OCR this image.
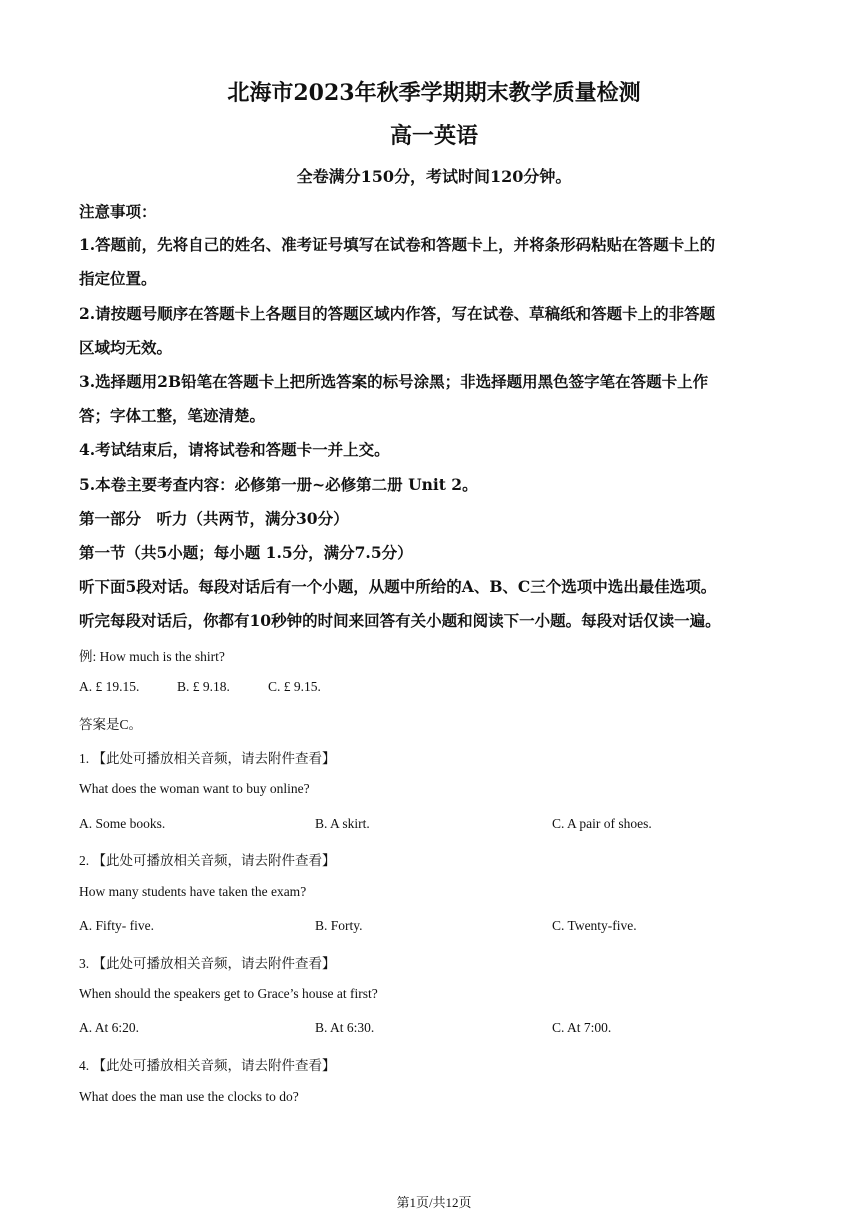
北海市2023年秋季学期期末教学质量检测
高一英语
全卷满分150分，考试时间120分钟。
注意事项：
1.答题前，先将自己的姓名、准考证号填写在试卷和答题卡上，并将条形码粘贴在答题卡上的
指定位置。
2.请按题号顺序在答题卡上各题目的答题区域内作答，写在试卷、草稿纸和答题卡上的非答题
区域均无效。
3.选择题用2B铅笔在答题卡上把所选答案的标号涂黑；非选择题用黑色签字笔在答题卡上作
答；字体工整，笔迹清楚。
4.考试结束后，请将试卷和答题卡一并上交。
5.本卷主要考查内容：必修第一册~必修第二册 Unit 2。
第一部分　听力（共两节，满分30分）
第一节（共5小题；每小题 1.5分，满分7.5分）
听下面5段对话。每段对话后有一个小题，从题中所给的A、B、C三个选项中选出最佳选项。
听完每段对话后，你都有10秒钟的时间来回答有关小题和阅读下一小题。每段对话仅读一遍。
例: How much is the shirt?
A. £ 19.15.	B. £ 9.18.	C. £ 9.15.
答案是C。
1. 【此处可播放相关音频，请去附件查看】
What does the woman want to buy online?
A. Some books.	B. A skirt.	C. A pair of shoes.
2. 【此处可播放相关音频，请去附件查看】
How many students have taken the exam?
A. Fifty- five.	B. Forty.	C. Twenty-five.
3. 【此处可播放相关音频，请去附件查看】
When should the speakers get to Grace’s house at first?
A. At 6:20.	B. At 6:30.	C. At 7:00.
4. 【此处可播放相关音频，请去附件查看】
What does the man use the clocks to do?
第1页/共12页
